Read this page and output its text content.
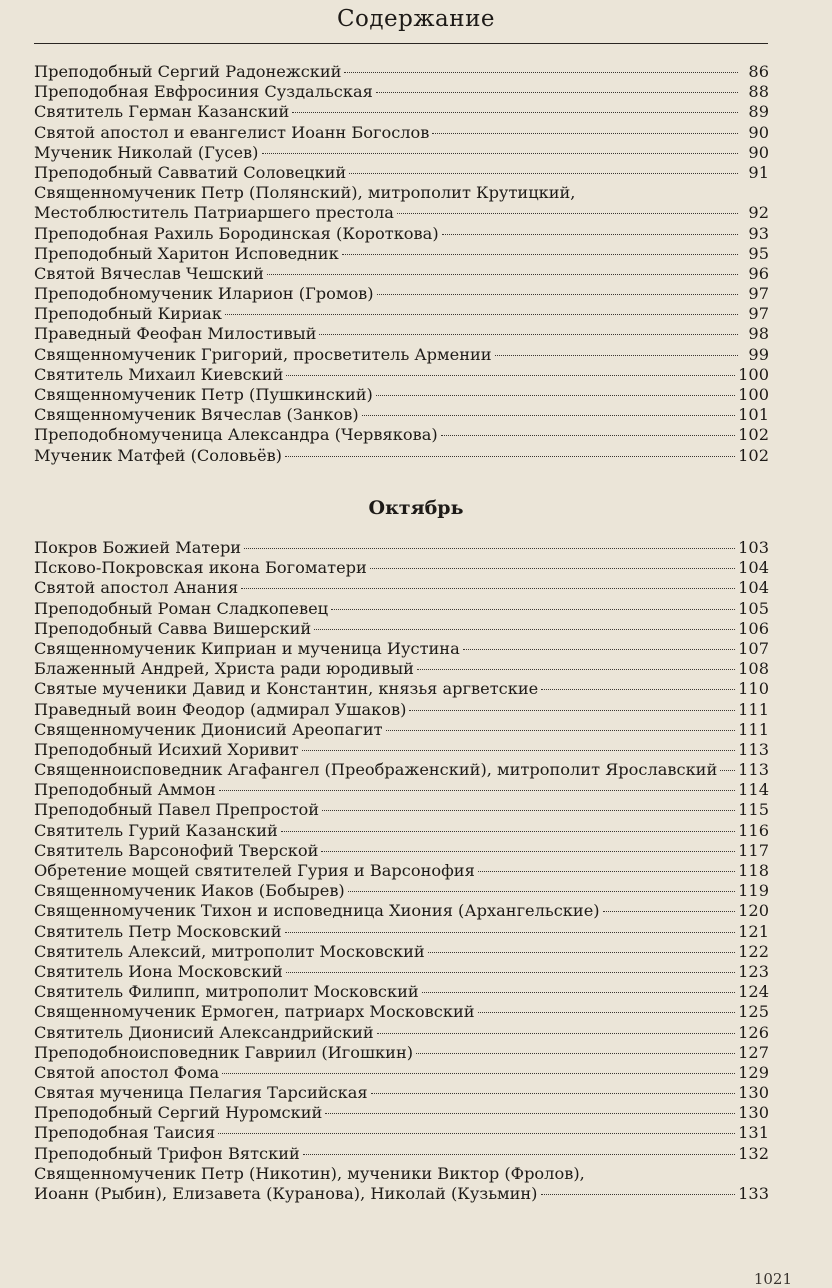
Содержание
Преподобный Сергий Радонежский	86
Преподобная Евфросиния Суздальская	88
Святитель Герман Казанский	89
Святой апостол и евангелист Иоанн Богослов	90
Мученик Николай (Гусев)	90
Преподобный Савватий Соловецкий	91
Священномученик Петр (Полянский), митрополит Крутицкий,
Местоблюститель Патриаршего престола	92
Преподобная Рахиль Бородинская (Короткова)	93
Преподобный Харитон Исповедник	95
Святой Вячеслав Чешский	96
Преподобномученик Иларион (Громов)	97
Преподобный Кириак	97
Праведный Феофан Милостивый	98
Священномученик Григорий, просветитель Армении	99
Святитель Михаил Киевский	100
Священномученик Петр (Пушкинский)	100
Священномученик Вячеслав (Занков)	101
Преподобномученица Александра (Червякова)	102
Мученик Матфей (Соловьёв)	102
Октябрь
Покров Божией Матери	103
Псково-Покровская икона Богоматери	104
Святой апостол Анания	104
Преподобный Роман Сладкопевец	105
Преподобный Савва Вишерский	106
Священномученик Киприан и мученица Иустина	107
Блаженный Андрей, Христа ради юродивый	108
Святые мученики Давид и Константин, князья аргветские	110
Праведный воин Феодор (адмирал Ушаков)	111
Священномученик Дионисий Ареопагит	111
Преподобный Исихий Хоривит	113
Священноисповедник Агафангел (Преображенский), митрополит Ярославский 113
Преподобный Аммон	114
Преподобный Павел Препростой	115
Святитель Гурий Казанский	116
Святитель Варсонофий Тверской	117
Обретение мощей святителей Гурия и Варсонофия	118
Священномученик Иаков (Бобырев)	119
Священномученик Тихон и исповедница Хиония (Архангельские)	120
Святитель Петр Московский	121
Святитель Алексий, митрополит Московский	122
Святитель Иона Московский	123
Святитель Филипп, митрополит Московский	124
Священномученик Ермоген, патриарх Московский	125
Святитель Дионисий Александрийский	126
Преподобноисповедник Гавриил (Игошкин)	127
Святой апостол Фома	129
Святая мученица Пелагия Тарсийская	130
Преподобный Сергий Нуромский	130
Преподобная Таисия	131
Преподобный Трифон Вятский	132
Священномученик Петр (Никотин), мученики Виктор (Фролов),
Иоанн (Рыбин), Елизавета (Куранова), Николай (Кузьмин)	133
1021
